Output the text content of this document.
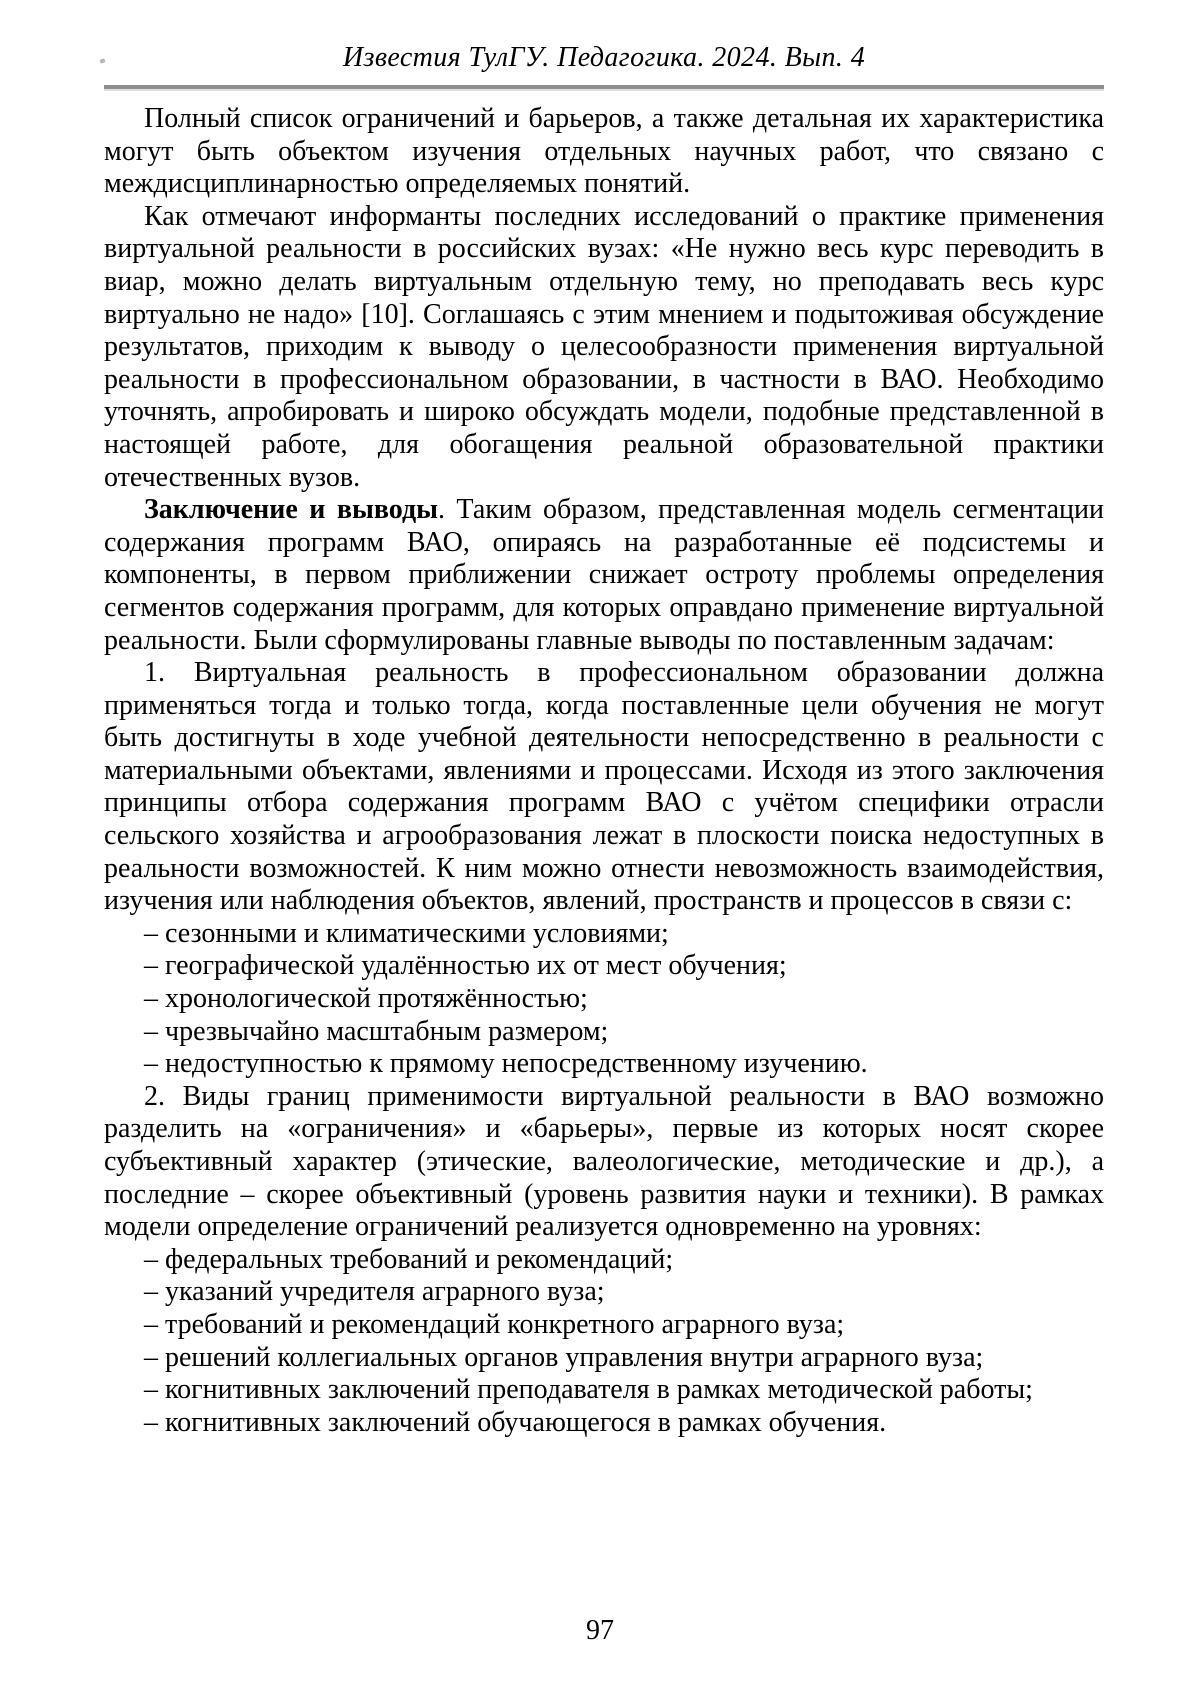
Известия ТулГУ. Педагогика. 2024. Вып. 4

Полный список ограничений и барьеров, а также детальная их характеристика могут быть объектом изучения отдельных научных работ, что связано с междисциплинарностью определяемых понятий.

Как отмечают информанты последних исследований о практике применения виртуальной реальности в российских вузах: «Не нужно весь курс переводить в виар, можно делать виртуальным отдельную тему, но преподавать весь курс виртуально не надо» [10]. Соглашаясь с этим мнением и подытоживая обсуждение результатов, приходим к выводу о целесообразности применения виртуальной реальности в профессиональном образовании, в частности в ВАО. Необходимо уточнять, апробировать и широко обсуждать модели, подобные представленной в настоящей работе, для обогащения реальной образовательной практики отечественных вузов.

Заключение и выводы. Таким образом, представленная модель сегментации содержания программ ВАО, опираясь на разработанные её подсистемы и компоненты, в первом приближении снижает остроту проблемы определения сегментов содержания программ, для которых оправдано применение виртуальной реальности. Были сформулированы главные выводы по поставленным задачам:

1. Виртуальная реальность в профессиональном образовании должна применяться тогда и только тогда, когда поставленные цели обучения не могут быть достигнуты в ходе учебной деятельности непосредственно в реальности с материальными объектами, явлениями и процессами. Исходя из этого заключения принципы отбора содержания программ ВАО с учётом специфики отрасли сельского хозяйства и агрообразования лежат в плоскости поиска недоступных в реальности возможностей. К ним можно отнести невозможность взаимодействия, изучения или наблюдения объектов, явлений, пространств и процессов в связи с:

– сезонными и климатическими условиями;

– географической удалённостью их от мест обучения;

– хронологической протяжённостью;

– чрезвычайно масштабным размером;

– недоступностью к прямому непосредственному изучению.

2. Виды границ применимости виртуальной реальности в ВАО возможно разделить на «ограничения» и «барьеры», первые из которых носят скорее субъективный характер (этические, валеологические, методические и др.), а последние – скорее объективный (уровень развития науки и техники). В рамках модели определение ограничений реализуется одновременно на уровнях:

– федеральных требований и рекомендаций;

– указаний учредителя аграрного вуза;

– требований и рекомендаций конкретного аграрного вуза;

– решений коллегиальных органов управления внутри аграрного вуза;

– когнитивных заключений преподавателя в рамках методической работы;

– когнитивных заключений обучающегося в рамках обучения.

97
